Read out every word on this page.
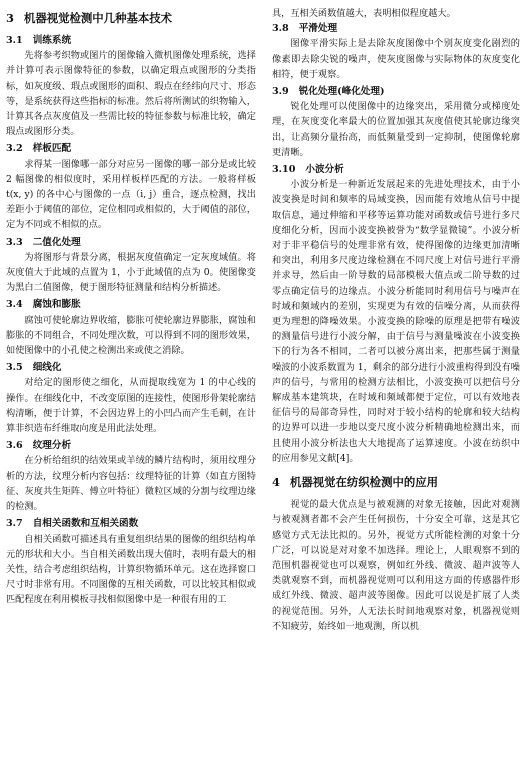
3 机器视觉检测中几种基本技术
3.1 训练系统

先将参考织物或图片的图像输入微机图像处理系统，选择并计算可表示图像特征的参数，以确定瑕点或图形的分类指标，如灰度级、瑕点或图形的面积、瑕点在经纬向尺寸、形态等，是系统获得这些指标的标准。然后将所测试的织物输入，计算其各点灰度值及一些需比较的特征参数与标准比较，确定瑕点或图形分类。

3.2 样板匹配

求得某一图像哪一部分对应另一图像的哪一部分是或比较 2 幅图像的相似度时，采用样板样匹配的方法。一般将样板 t(x, y) 的各中心与图像的一点（i, j）重合，逐点检测，找出差距小于阈值的部位，定位相同或相似的，大于阈值的部位，定为不同或不相似的点。

3.3 二值化处理

为将图形与背景分离，根据灰度值确定一定灰度域值。将灰度值大于此域的点置为 1，小于此域值的点为 0。使图像变为黑白二值图像，便于图形特征测量和结构分析描述。

3.4 腐蚀和膨胀

腐蚀可使轮廓边界收缩，膨胀可使轮廓边界膨胀，腐蚀和膨胀的不同组合，不同处理次数，可以得到不同的图形效果，如使图像中的小孔使之检测出来或使之消除。

3.5 细线化

对给定的图形使之细化，从而提取线宽为 1 的中心线的操作。在细线化中，不改变原图的连接性，使图形骨架轮廓结构清晰，便于计算，不会因边界上的小凹凸而产生毛刺，在计算非织造布纤维取向度是用此法处理。

3.6 纹理分析

在分析给组织的结效果或羊绒的鳞片结构时，须用纹理分析的方法，纹理分析内容包括：纹理特征的计算（如直方图特征、灰度共生矩阵、傅立叶特征）微粒区域的分割与纹理边缘的检测。

3.7 自相关函数和互相关函数

自相关函数可描述具有重复组织结果的图像的组织结构单元的形状和大小。当自相关函数出现大值时，表明有最大的相关性，结合考虑组织结构，计算织物循环单元。这在选择窗口尺寸时非常有用。不同图像的互相关函数，可以比较其相似或匹配程度在利用模板寻找相似图像中是一种很有用的工

具，互相关函数值越大，表明相似程度越大。

3.8 平滑处理

图像平滑实际上是去除灰度图像中个别灰度变化剧烈的像素即去除尖锐的噪声，使灰度图像与实际物体的灰度变化相符，便于观察。

3.9 锐化处理(峰化处理)

锐化处理可以使图像中的边缘突出，采用微分或梯度处理，在灰度变化率最大的位置加强其灰度值使其轮廓边缘突出，让高频分量抬高，而低频量受到一定抑制，使图像轮廓更清晰。

3.10 小波分析

小波分析是一种新近发展起来的先进处理技术，由于小波变换是时间和频率的局域变换，因而能有效地从信号中提取信息，通过伸缩和平移等运算功能对函数或信号进行多尺度细化分析，因而小波变换被誉为“数学显微镜”。小波分析对于非平稳信号的处理非常有效，使得图像的边缘更加清晰和突出，利用多尺度边缘检测在不同尺度上对信号进行平滑并求导，然后由一阶导数的局部模极大值点或二阶导数的过零点确定信号的边缘点。小波分析能同时利用信号与噪声在时域和频域内的差别，实现更为有效的信噪分离，从而获得更为理想的降噪效果。小波变换的除噪的原理是把带有噪波的测量信号进行小波分解，由于信号与测量噪波在小波变换下的行为各不相同，二者可以被分离出来，把那些属于测量噪波的小波系数置为 1，剩余的部分进行小波重构得到没有噪声的信号，与常用的检测方法相比，小波变换可以把信号分解成基本建筑块，在时域和频域都便于定位，可以有效地表征信号的局部奇异性，同时对于较小结构的轮廓和较大结构的边界可以进一步地以变尺度小波分析精确地检测出来，而且使用小波分析法也大大地提高了运算速度。小波在纺织中的应用参见文献[4]。

4 机器视觉在纺织检测中的应用

视觉的最大优点是与被观测的对象无接触，因此对观测与被观测者都不会产生任何损伤，十分安全可靠，这是其它感觉方式无法比拟的。另外，视觉方式所能检测的对象十分广泛，可以说是对对象不加选择。理论上，人眼观察不到的范围机器视觉也可以观察，例如红外线、微波、超声波等人类就观察不到，而机器视觉则可以利用这方面的传感器件形成红外线、微波、超声波等图像。因此可以说是扩展了人类的视觉范围。另外，人无法长时间地观察对象，机器视觉则不知疲劳，始终如一地观测，所以机
